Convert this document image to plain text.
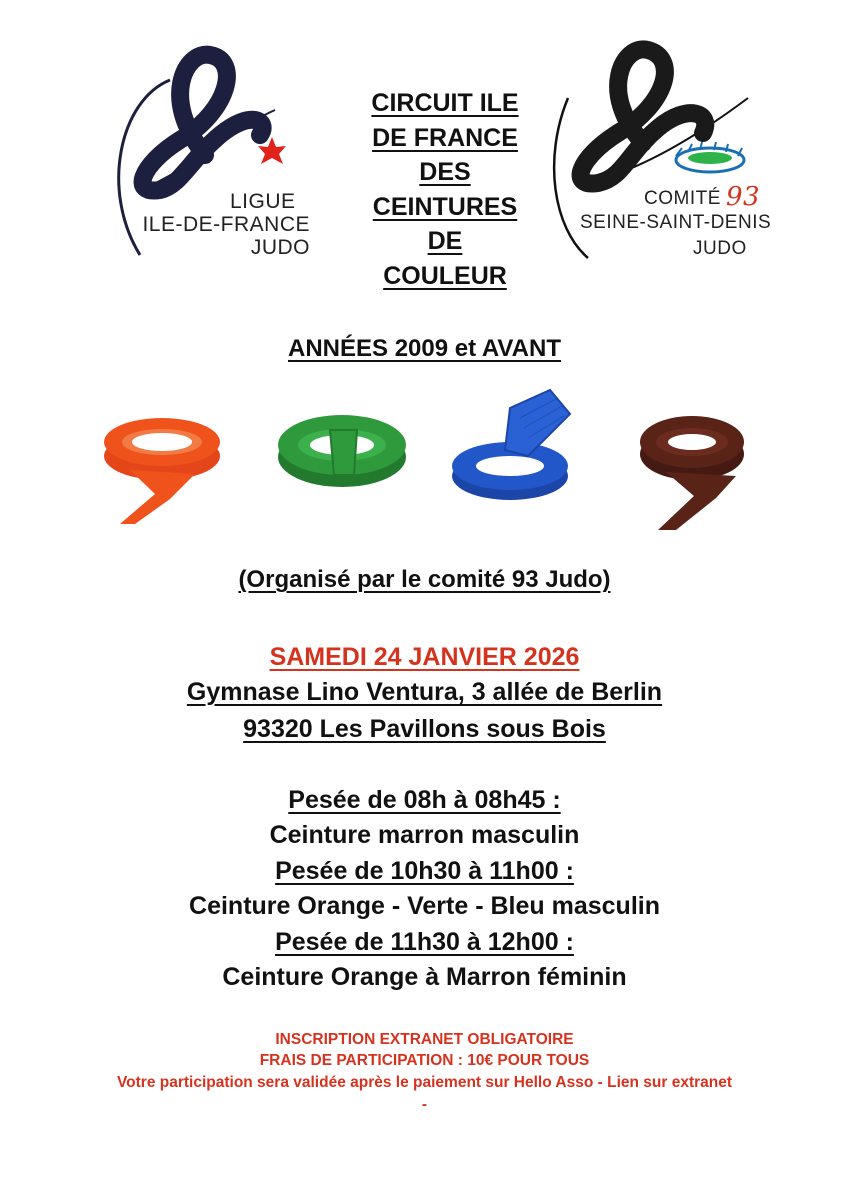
LIGUE
ILE-DE-FRANCE
JUDO
CIRCUIT ILE
DE FRANCE
DES
CEINTURES
DE
COULEUR
COMITÉ 93
SEINE-SAINT-DENIS
JUDO
ANNÉES 2009 et AVANT
(Organisé par le comité 93 Judo)
SAMEDI 24 JANVIER 2026
Gymnase Lino Ventura, 3 allée de Berlin
93320 Les Pavillons sous Bois
Pesée de 08h à 08h45 :
Ceinture marron masculin
Pesée de 10h30 à 11h00 :
Ceinture Orange - Verte - Bleu masculin
Pesée de 11h30 à 12h00 :
Ceinture Orange à Marron féminin
INSCRIPTION EXTRANET OBLIGATOIRE
FRAIS DE PARTICIPATION : 10€ POUR TOUS
Votre participation sera validée après le paiement sur Hello Asso - Lien sur extranet
-
